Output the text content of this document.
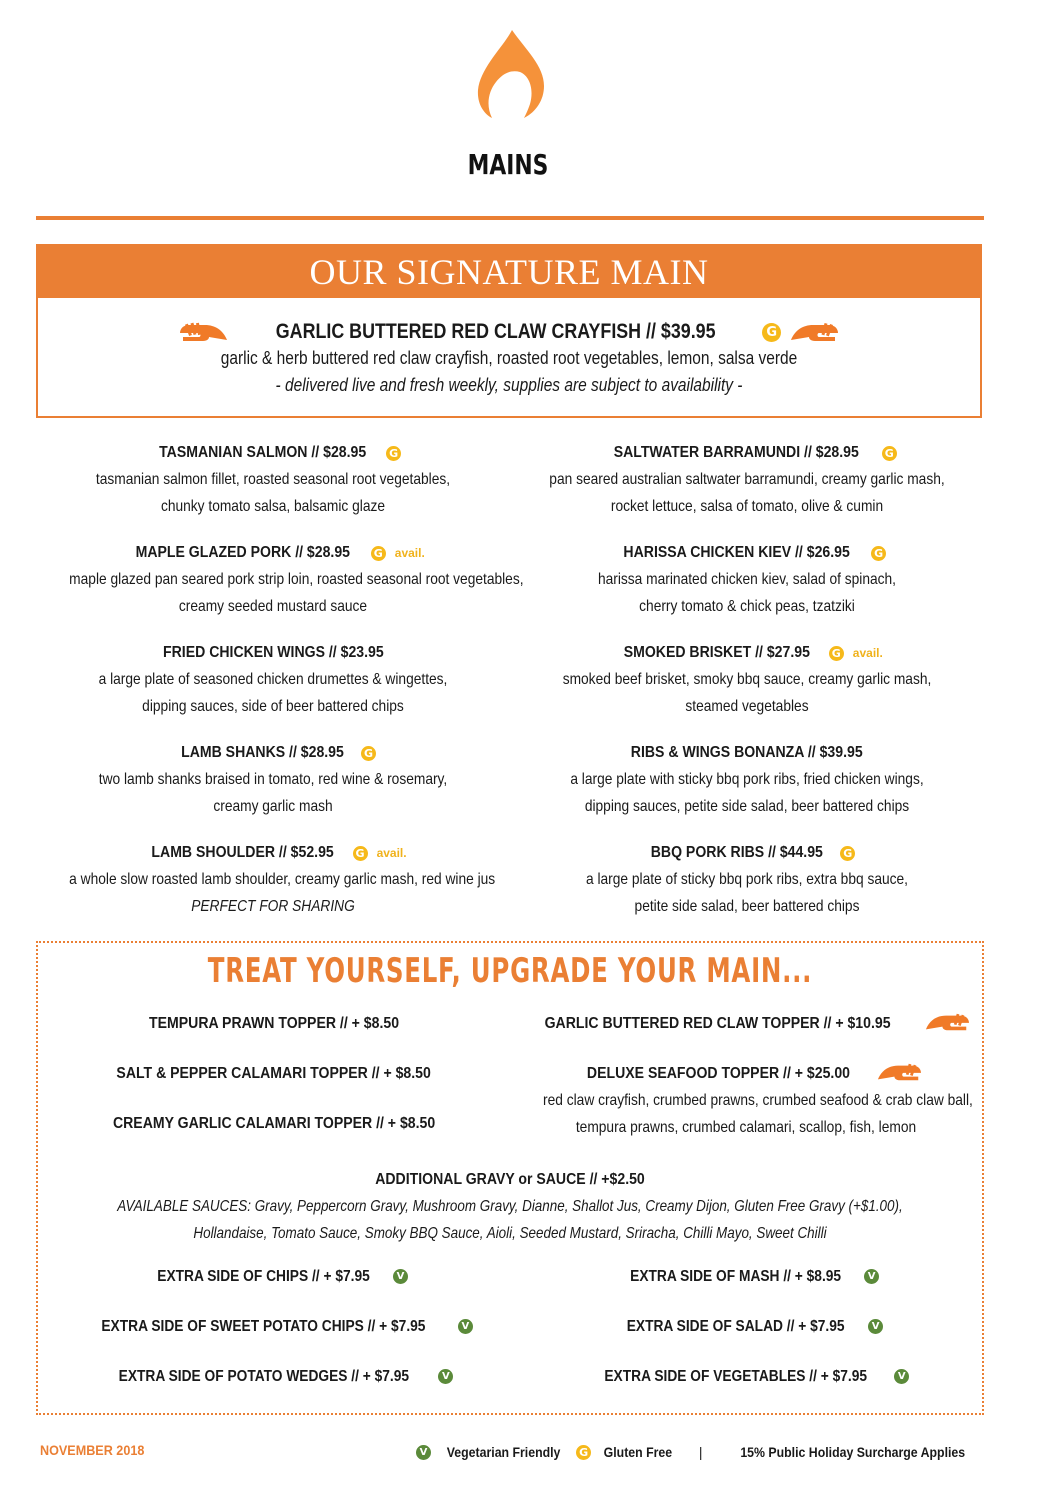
MAINS
OUR SIGNATURE MAIN
GARLIC BUTTERED RED CLAW CRAYFISH // $39.95	G
garlic & herb buttered red claw crayfish, roasted root vegetables, lemon, salsa verde
- delivered live and fresh weekly, supplies are subject to availability -
TASMANIAN SALMON // $28.95 G
tasmanian salmon fillet, roasted seasonal root vegetables,
chunky tomato salsa, balsamic glaze
MAPLE GLAZED PORK // $28.95 G avail.
maple glazed pan seared pork strip loin, roasted seasonal root vegetables,
creamy seeded mustard sauce
FRIED CHICKEN WINGS // $23.95
a large plate of seasoned chicken drumettes & wingettes,
dipping sauces, side of beer battered chips
LAMB SHANKS // $28.95 G
two lamb shanks braised in tomato, red wine & rosemary,
creamy garlic mash
LAMB SHOULDER // $52.95 G avail.
a whole slow roasted lamb shoulder, creamy garlic mash, red wine jus
PERFECT FOR SHARING
SALTWATER BARRAMUNDI // $28.95 G
pan seared australian saltwater barramundi, creamy garlic mash,
rocket lettuce, salsa of tomato, olive & cumin
HARISSA CHICKEN KIEV // $26.95 G
harissa marinated chicken kiev, salad of spinach,
cherry tomato & chick peas, tzatziki
SMOKED BRISKET // $27.95 G avail.
smoked beef brisket, smoky bbq sauce, creamy garlic mash,
steamed vegetables
RIBS & WINGS BONANZA // $39.95
a large plate with sticky bbq pork ribs, fried chicken wings,
dipping sauces, petite side salad, beer battered chips
BBQ PORK RIBS // $44.95 G
a large plate of sticky bbq pork ribs, extra bbq sauce,
petite side salad, beer battered chips
TREAT YOURSELF, UPGRADE YOUR MAIN...
TEMPURA PRAWN TOPPER // + $8.50
SALT & PEPPER CALAMARI TOPPER // + $8.50
CREAMY GARLIC CALAMARI TOPPER // + $8.50
GARLIC BUTTERED RED CLAW TOPPER // + $10.95
DELUXE SEAFOOD TOPPER // + $25.00
red claw crayfish, crumbed prawns, crumbed seafood & crab claw ball,
tempura prawns, crumbed calamari, scallop, fish, lemon
ADDITIONAL GRAVY or SAUCE // +$2.50
AVAILABLE SAUCES: Gravy, Peppercorn Gravy, Mushroom Gravy, Dianne, Shallot Jus, Creamy Dijon, Gluten Free Gravy (+$1.00),
Hollandaise, Tomato Sauce, Smoky BBQ Sauce, Aioli, Seeded Mustard, Sriracha, Chilli Mayo, Sweet Chilli
EXTRA SIDE OF CHIPS // + $7.95	V
EXTRA SIDE OF SWEET POTATO CHIPS // + $7.95	V
EXTRA SIDE OF POTATO WEDGES // + $7.95	V
EXTRA SIDE OF MASH // + $8.95	V
EXTRA SIDE OF SALAD // + $7.95	V
EXTRA SIDE OF VEGETABLES // + $7.95	V
NOVEMBER 2018	V Vegetarian Friendly G Gluten Free |	15% Public Holiday Surcharge Applies
